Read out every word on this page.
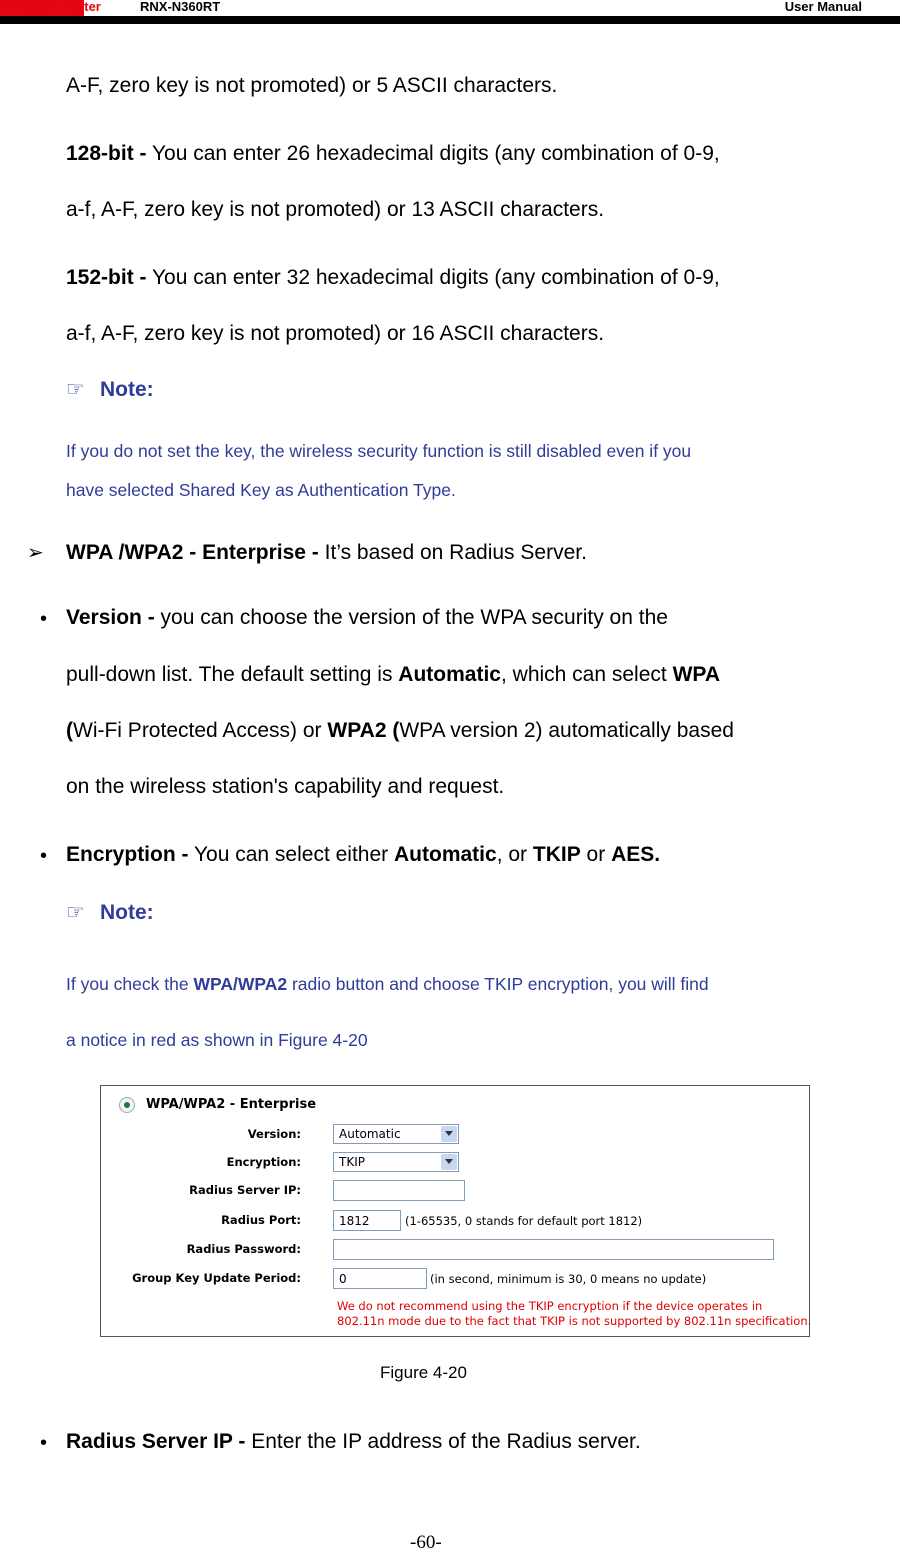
Wireless Router	RNX-N360RT	User Manual
A-F, zero key is not promoted) or 5 ASCII characters.
128-bit - You can enter 26 hexadecimal digits (any combination of 0-9,
a-f, A-F, zero key is not promoted) or 13 ASCII characters.
152-bit - You can enter 32 hexadecimal digits (any combination of 0-9,
a-f, A-F, zero key is not promoted) or 16 ASCII characters.
☞ Note:
If you do not set the key, the wireless security function is still disabled even if you
have selected Shared Key as Authentication Type.
➢ WPA /WPA2 - Enterprise - It’s based on Radius Server.
• Version - you can choose the version of the WPA security on the
pull-down list. The default setting is Automatic, which can select WPA
(Wi-Fi Protected Access) or WPA2 (WPA version 2) automatically based
on the wireless station's capability and request.
• Encryption - You can select either Automatic, or TKIP or AES.
☞ Note:
If you check the WPA/WPA2 radio button and choose TKIP encryption, you will find
a notice in red as shown in Figure 4-20
WPA/WPA2 - Enterprise
Version:	Automatic
Encryption:	TKIP
Radius Server IP:
Radius Port:	1812	(1-65535, 0 stands for default port 1812)
Radius Password:
Group Key Update Period:	0	(in second, minimum is 30, 0 means no update)
We do not recommend using the TKIP encryption if the device operates in
802.11n mode due to the fact that TKIP is not supported by 802.11n specification.
Figure 4-20
• Radius Server IP - Enter the IP address of the Radius server.
-60-
